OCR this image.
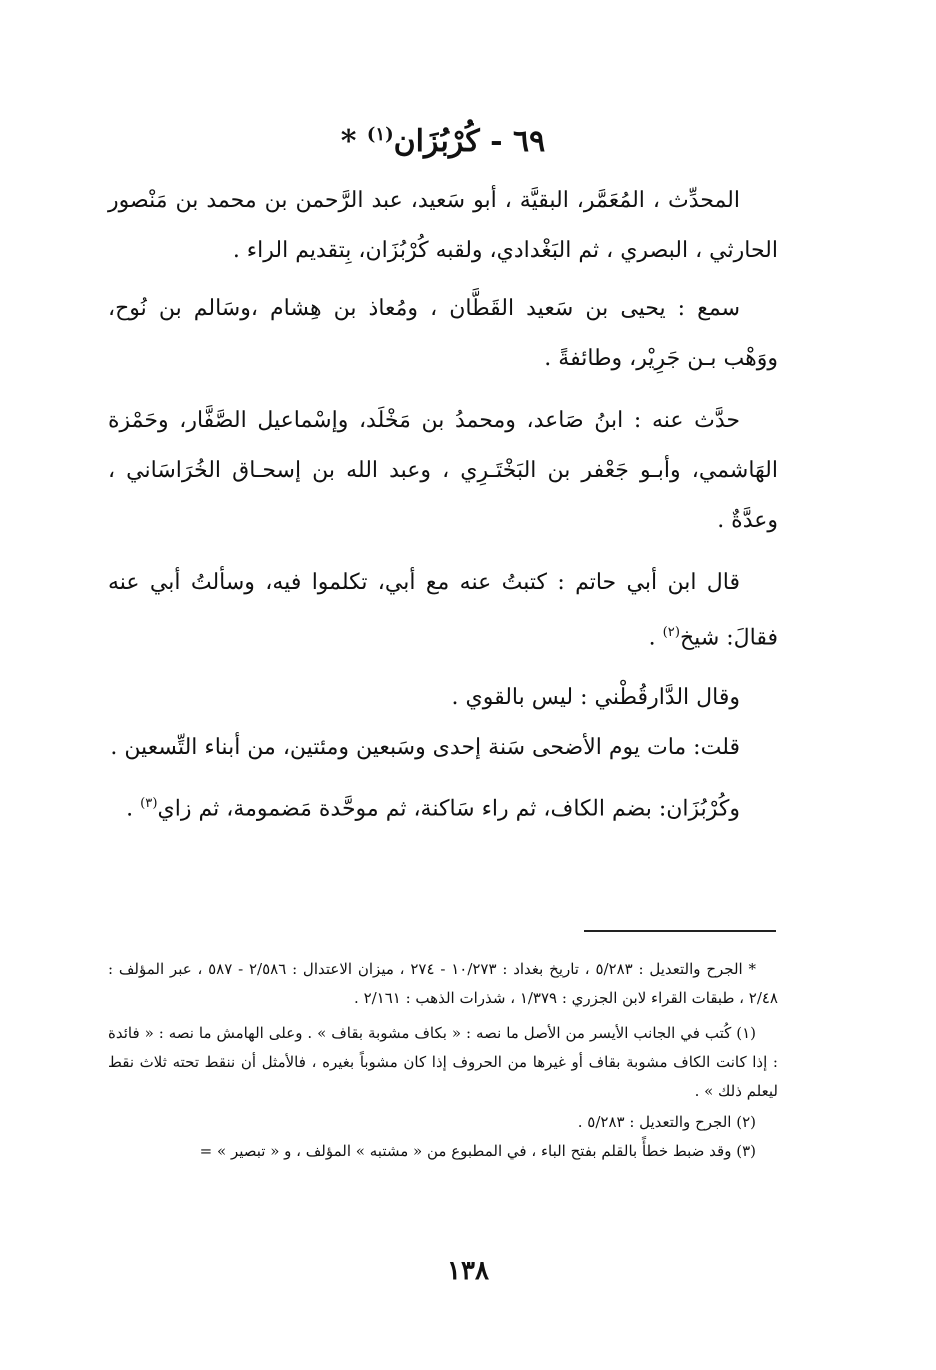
٦٩ - كُرْبُزَان$^{(١)}$ *

المحدِّث ، المُعَمَّر، البقيَّة ، أبو سَعيد، عبد الرَّحمن بن محمد بن مَنْصور الحارثي ، البصري ، ثم البَغْدادي، ولقبه كُرْبُزَان، بِتقديم الراء .

سمع : يحيى بن سَعيد القَطَّان ، ومُعاذ بن هِشام ،وسَالم بن نُوح، ووَهْب بـن جَرِيْر، وطائفةً .

حدَّث عنه : ابنُ صَاعد، ومحمدُ بن مَخْلَد، وإسْماعيل الصَّفَّار، وحَمْزة الهَاشمي، وأبـو جَعْفر بن البَخْتَـرِي ، وعبد الله بن إسحـاق الخُرَاسَاني ، وعدَّةٌ .

قال ابن أبي حاتم : كتبتُ عنه مع أبي، تكلموا فيه، وسألتُ أبي عنه فقالَ: شيخ$^{(٢)}$ .

وقال الدَّارقُطْني : ليس بالقوي .

قلت: مات يوم الأضحى سَنة إحدى وسَبعين ومئتين، من أبناء التِّسعين .

وكُرْبُزَان: بضم الكاف، ثم راء سَاكنة، ثم موحَّدة مَضمومة، ثم زاي$^{(٣)}$ .

* الجرح والتعديل : ٥/٢٨٣ ، تاريخ بغداد : ١٠/٢٧٣ - ٢٧٤ ، ميزان الاعتدال : ٢/٥٨٦ - ٥٨٧ ، عبر المؤلف : ٢/٤٨ ، طبقات القراء لابن الجزري : ١/٣٧٩ ، شذرات الذهب : ٢/١٦١ .

(١) كُتب في الجانب الأيسر من الأصل ما نصه : « بكاف مشوبة بقاف » . وعلى الهامش ما نصه : « فائدة : إذا كانت الكاف مشوبة بقاف أو غيرها من الحروف إذا كان مشوباً بغيره ، فالأمثل أن ننقط تحته ثلاث نقط ليعلم ذلك » .

(٢) الجرح والتعديل : ٥/٢٨٣ .

(٣) وقد ضبط خطأً بالقلم بفتح الباء ، في المطبوع من « مشتبه » المؤلف ، و « تبصير » =

١٣٨
